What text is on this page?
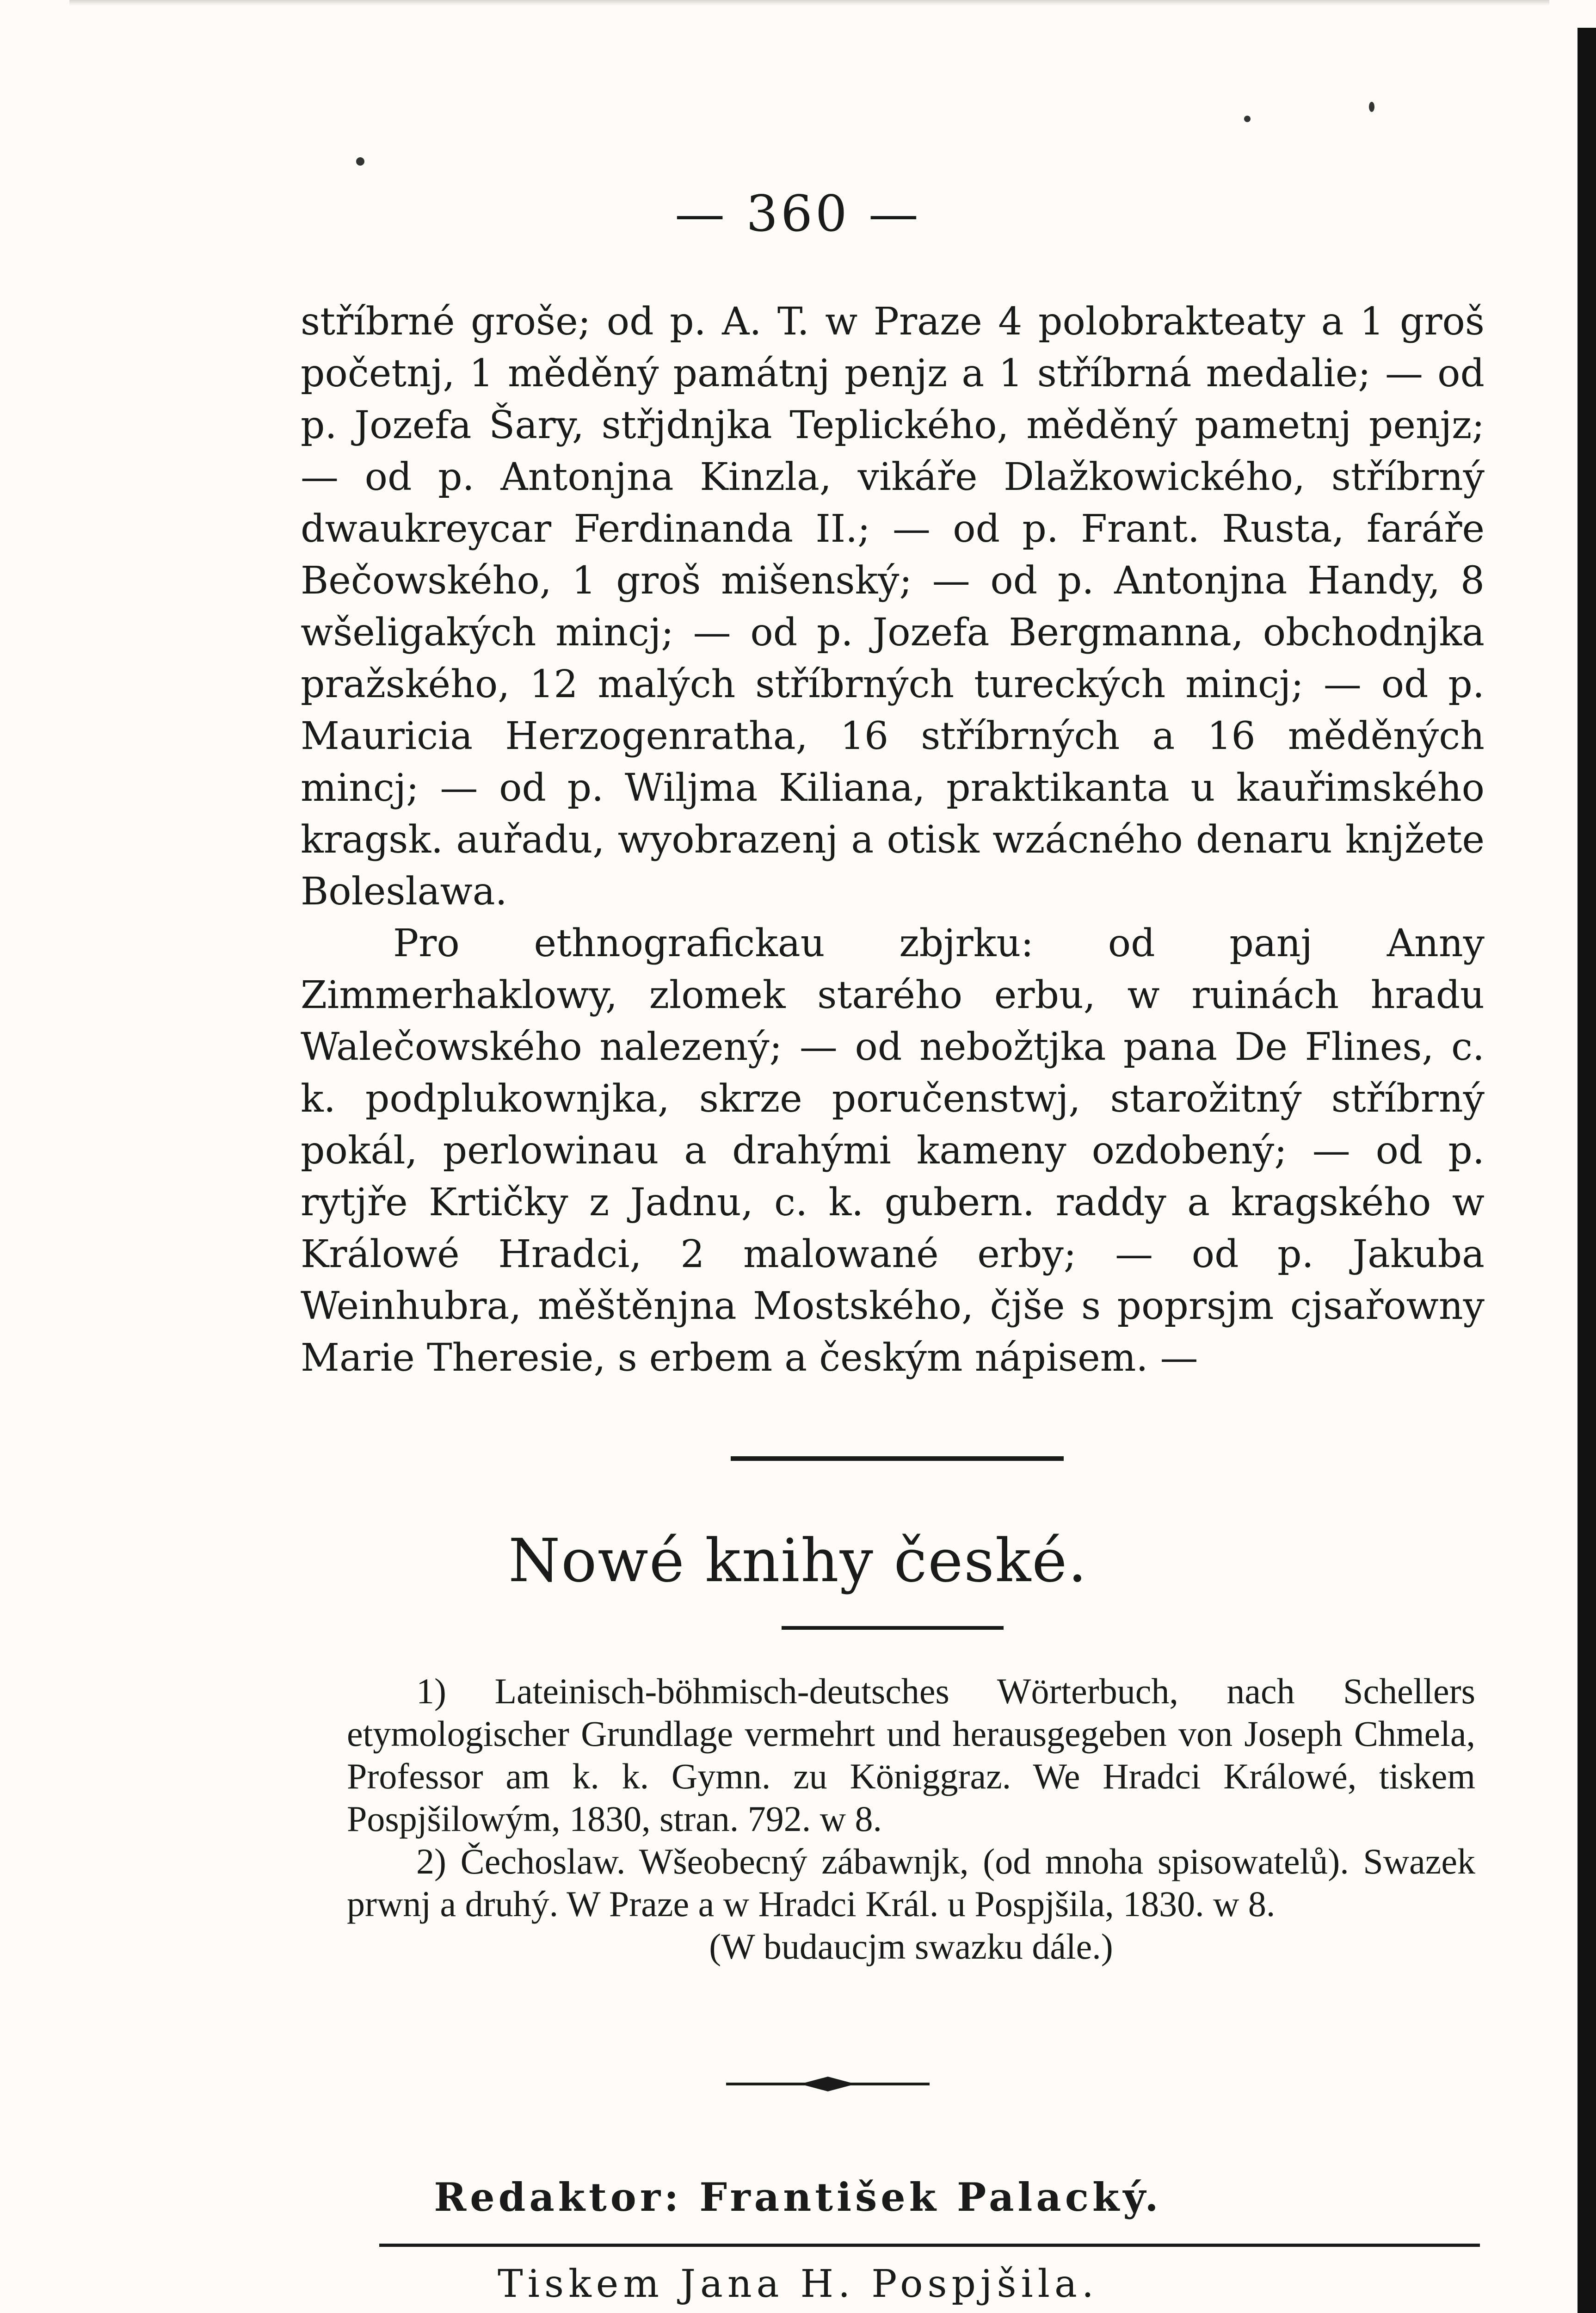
— 360 —

stříbrné groše; od p. A. T. w Praze 4 polobrakteaty a 1 groš početnj, 1 měděný památnj penjz a 1 stříbrná medalie; — od p. Jozefa Šary, střjdnjka Teplického, měděný pametnj penjz; — od p. Antonjna Kinzla, vikáře Dlažkowického, stříbrný dwaukreycar Ferdinanda II.; — od p. Frant. Rusta, faráře Bečowského, 1 groš mišenský; — od p. Antonjna Handy, 8 wšeligakých mincj; — od p. Jozefa Bergmanna, obchodnjka pražského, 12 malých stříbrných tureckých mincj; — od p. Mauricia Herzogenratha, 16 stříbrných a 16 měděných mincj; — od p. Wiljma Kiliana, praktikanta u kauřimského kragsk. auřadu, wyobrazenj a otisk wzácného denaru knjžete Boleslawa.

Pro ethnografickau zbjrku: od panj Anny Zimmerhaklowy, zlomek starého erbu, w ruinách hradu Walečowského nalezený; — od nebožtjka pana De Flines, c. k. podplukownjka, skrze poručenstwj, starožitný stříbrný pokál, perlowinau a drahými kameny ozdobený; — od p. rytjře Krtičky z Jadnu, c. k. gubern. raddy a kragského w Králowé Hradci, 2 malowané erby; — od p. Jakuba Weinhubra, měštěnjna Mostského, čjše s poprsjm cjsařowny Marie Theresie, s erbem a českým nápisem. —

Nowé knihy české.

1) Lateinisch-böhmisch-deutsches Wörterbuch, nach Schellers etymologischer Grundlage vermehrt und herausgegeben von Joseph Chmela, Professor am k. k. Gymn. zu Königgraz. We Hradci Králowé, tiskem Pospjšilowým, 1830, stran. 792. w 8.

2) Čechoslaw. Wšeobecný zábawnjk, (od mnoha spisowatelů). Swazek prwnj a druhý. W Praze a w Hradci Král. u Pospjšila, 1830. w 8.

(W budaucjm swazku dále.)

Redaktor: František Palacký.
Tiskem Jana H. Pospjšila.
